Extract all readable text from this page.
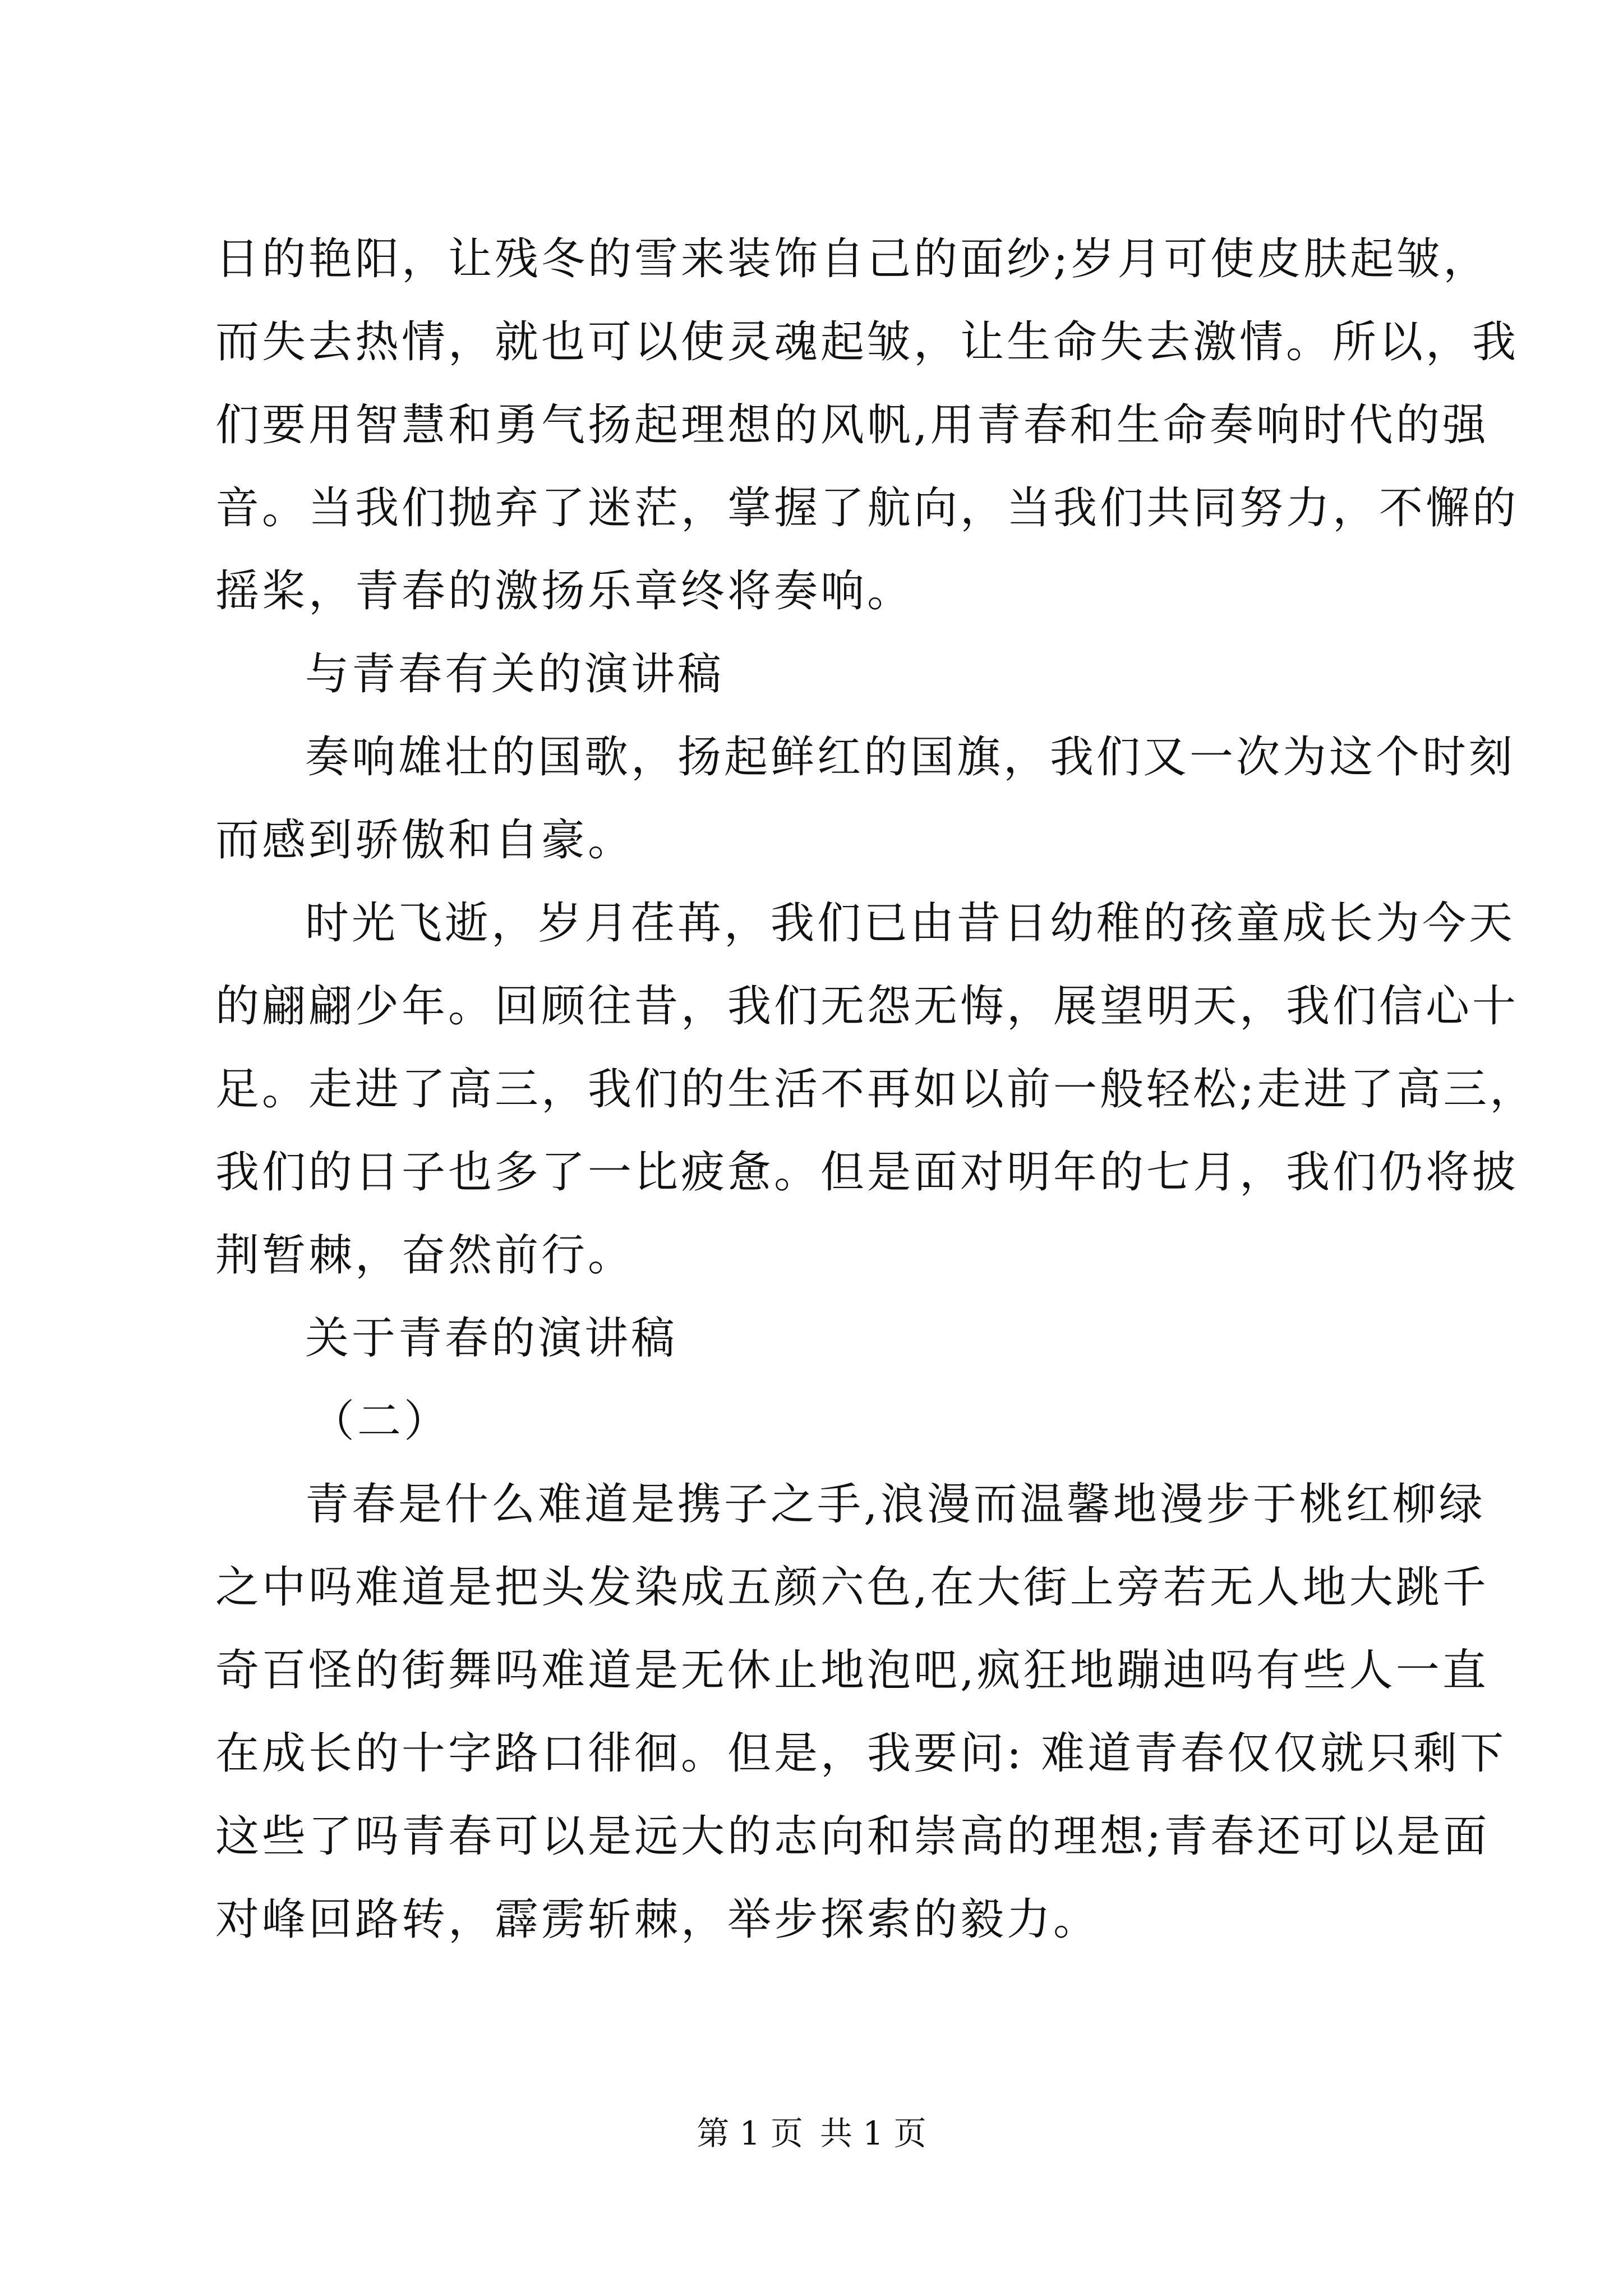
日的艳阳，让残冬的雪来装饰自己的面纱;岁月可使皮肤起皱，
而失去热情，就也可以使灵魂起皱，让生命失去激情。所以，我
们要用智慧和勇气扬起理想的风帆,用青春和生命奏响时代的强
音。当我们抛弃了迷茫，掌握了航向，当我们共同努力，不懈的
摇桨，青春的激扬乐章终将奏响。
与青春有关的演讲稿
奏响雄壮的国歌，扬起鲜红的国旗，我们又一次为这个时刻
而感到骄傲和自豪。
时光飞逝，岁月荏苒，我们已由昔日幼稚的孩童成长为今天
的翩翩少年。回顾往昔，我们无怨无悔，展望明天，我们信心十
足。走进了高三，我们的生活不再如以前一般轻松;走进了高三，
我们的日子也多了一比疲惫。但是面对明年的七月，我们仍将披
荆暂棘，奋然前行。
关于青春的演讲稿
（二）
青春是什么难道是携子之手,浪漫而温馨地漫步于桃红柳绿
之中吗难道是把头发染成五颜六色,在大街上旁若无人地大跳千
奇百怪的街舞吗难道是无休止地泡吧,疯狂地蹦迪吗有些人一直
在成长的十字路口徘徊。但是，我要问: 难道青春仅仅就只剩下
这些了吗青春可以是远大的志向和崇高的理想;青春还可以是面
对峰回路转，霹雳斩棘，举步探索的毅力。
第 1 页 共 1 页
